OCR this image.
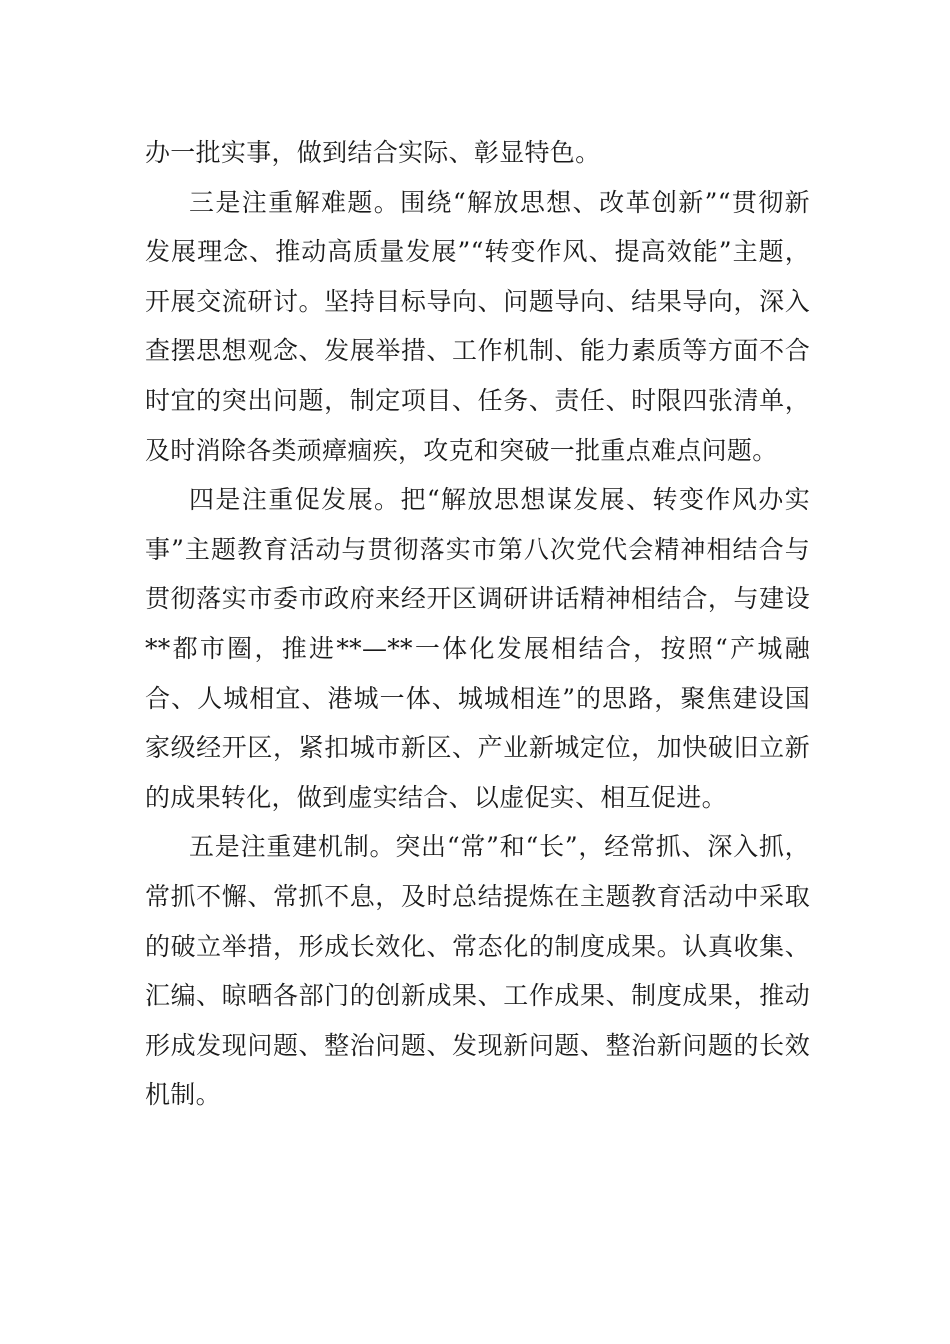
办一批实事，做到结合实际、彰显特色。

三是注重解难题。围绕“解放思想、改革创新”“贯彻新发展理念、推动高质量发展”“转变作风、提高效能”主题，开展交流研讨。坚持目标导向、问题导向、结果导向，深入查摆思想观念、发展举措、工作机制、能力素质等方面不合时宜的突出问题，制定项目、任务、责任、时限四张清单，及时消除各类顽瘴痼疾，攻克和突破一批重点难点问题。

四是注重促发展。把“解放思想谋发展、转变作风办实事”主题教育活动与贯彻落实市第八次党代会精神相结合与贯彻落实市委市政府来经开区调研讲话精神相结合，与建设**都市圈，推进**—**一体化发展相结合，按照“产城融合、人城相宜、港城一体、城城相连”的思路，聚焦建设国家级经开区，紧扣城市新区、产业新城定位，加快破旧立新的成果转化，做到虚实结合、以虚促实、相互促进。

五是注重建机制。突出“常”和“长”，经常抓、深入抓，常抓不懈、常抓不息，及时总结提炼在主题教育活动中采取的破立举措，形成长效化、常态化的制度成果。认真收集、汇编、晾晒各部门的创新成果、工作成果、制度成果，推动形成发现问题、整治问题、发现新问题、整治新问题的长效机制。
